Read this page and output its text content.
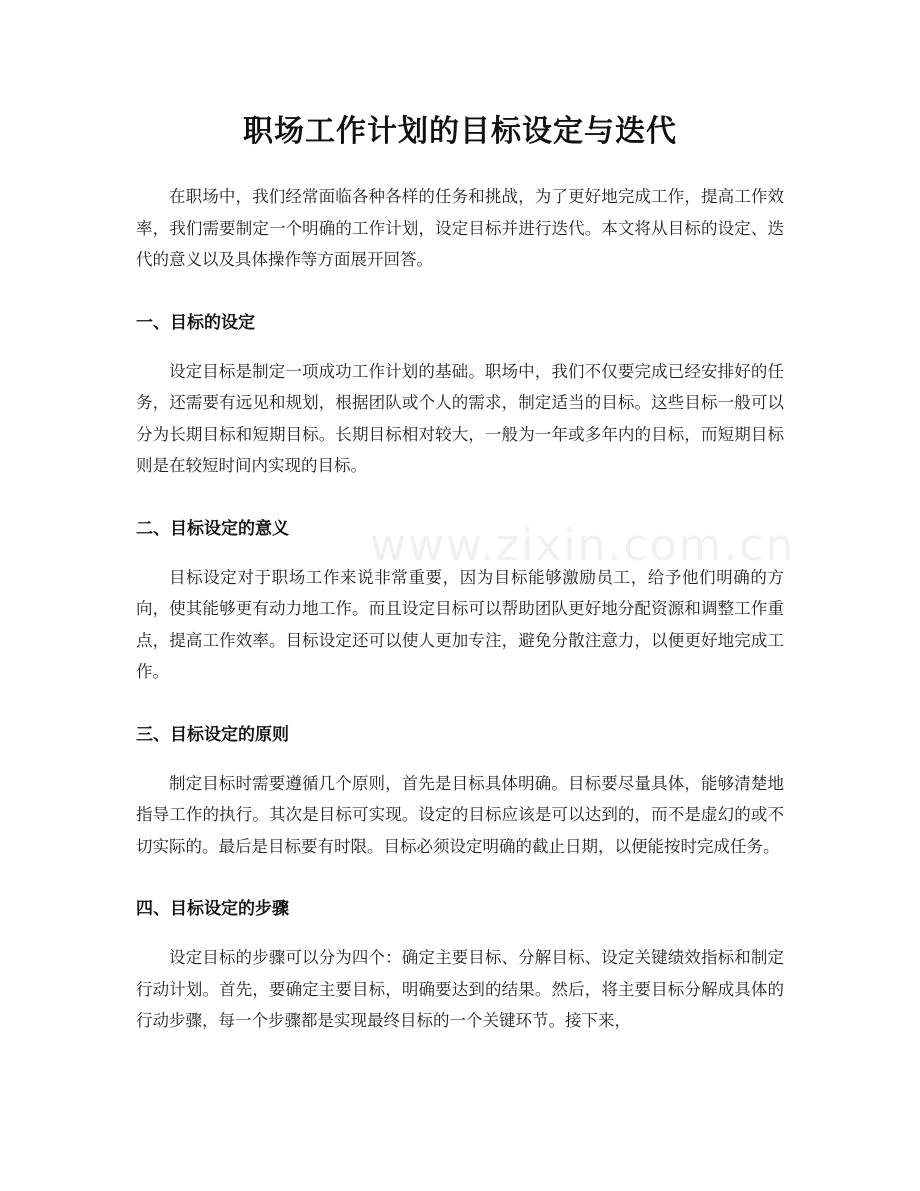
职场工作计划的目标设定与迭代

在职场中，我们经常面临各种各样的任务和挑战，为了更好地完成工作，提高工作效率，我们需要制定一个明确的工作计划，设定目标并进行迭代。本文将从目标的设定、迭代的意义以及具体操作等方面展开回答。

一、目标的设定

设定目标是制定一项成功工作计划的基础。职场中，我们不仅要完成已经安排好的任务，还需要有远见和规划，根据团队或个人的需求，制定适当的目标。这些目标一般可以分为长期目标和短期目标。长期目标相对较大，一般为一年或多年内的目标，而短期目标则是在较短时间内实现的目标。

二、目标设定的意义

目标设定对于职场工作来说非常重要，因为目标能够激励员工，给予他们明确的方向，使其能够更有动力地工作。而且设定目标可以帮助团队更好地分配资源和调整工作重点，提高工作效率。目标设定还可以使人更加专注，避免分散注意力，以便更好地完成工作。

三、目标设定的原则

制定目标时需要遵循几个原则，首先是目标具体明确。目标要尽量具体，能够清楚地指导工作的执行。其次是目标可实现。设定的目标应该是可以达到的，而不是虚幻的或不切实际的。最后是目标要有时限。目标必须设定明确的截止日期，以便能按时完成任务。

四、目标设定的步骤

设定目标的步骤可以分为四个：确定主要目标、分解目标、设定关键绩效指标和制定行动计划。首先，要确定主要目标，明确要达到的结果。然后，将主要目标分解成具体的行动步骤，每一个步骤都是实现最终目标的一个关键环节。接下来，

www.zixin.com.cn
